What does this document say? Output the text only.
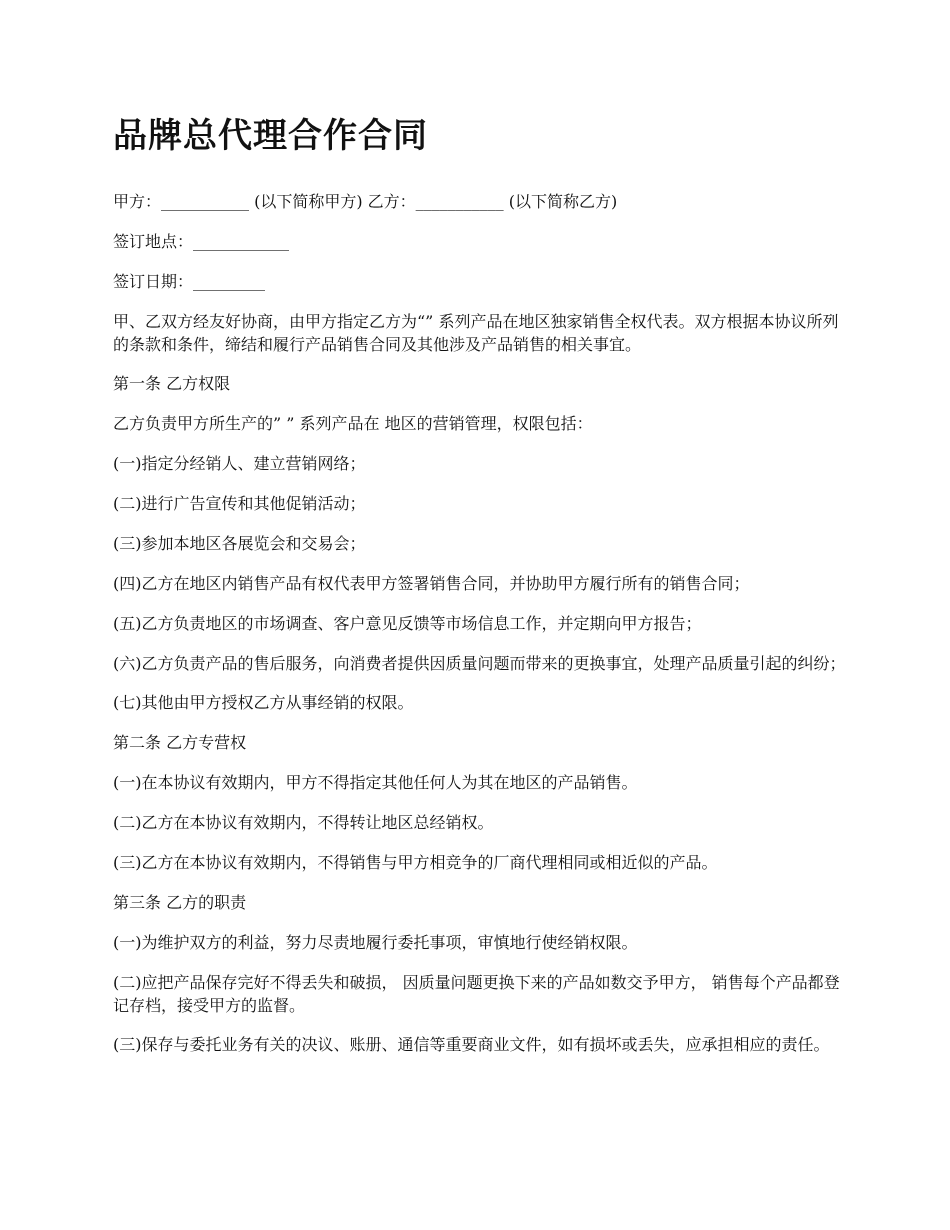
品牌总代理合作合同

甲方：___________ (以下简称甲方) 乙方：___________ (以下简称乙方)

签订地点：____________

签订日期：_________

甲、乙双方经友好协商，由甲方指定乙方为“” 系列产品在地区独家销售全权代表。双方根据本协议所列的条款和条件，缔结和履行产品销售合同及其他涉及产品销售的相关事宜。

第一条 乙方权限

乙方负责甲方所生产的” ” 系列产品在 地区的营销管理，权限包括：

(一)指定分经销人、建立营销网络；

(二)进行广告宣传和其他促销活动；

(三)参加本地区各展览会和交易会；

(四)乙方在地区内销售产品有权代表甲方签署销售合同，并协助甲方履行所有的销售合同；

(五)乙方负责地区的市场调查、客户意见反馈等市场信息工作，并定期向甲方报告；

(六)乙方负责产品的售后服务，向消费者提供因质量问题而带来的更换事宜，处理产品质量引起的纠纷；

(七)其他由甲方授权乙方从事经销的权限。

第二条 乙方专营权

(一)在本协议有效期内，甲方不得指定其他任何人为其在地区的产品销售。

(二)乙方在本协议有效期内，不得转让地区总经销权。

(三)乙方在本协议有效期内，不得销售与甲方相竞争的厂商代理相同或相近似的产品。

第三条 乙方的职责

(一)为维护双方的利益，努力尽责地履行委托事项，审慎地行使经销权限。

(二)应把产品保存完好不得丢失和破损， 因质量问题更换下来的产品如数交予甲方， 销售每个产品都登记存档，接受甲方的监督。

(三)保存与委托业务有关的决议、账册、通信等重要商业文件，如有损坏或丢失，应承担相应的责任。
